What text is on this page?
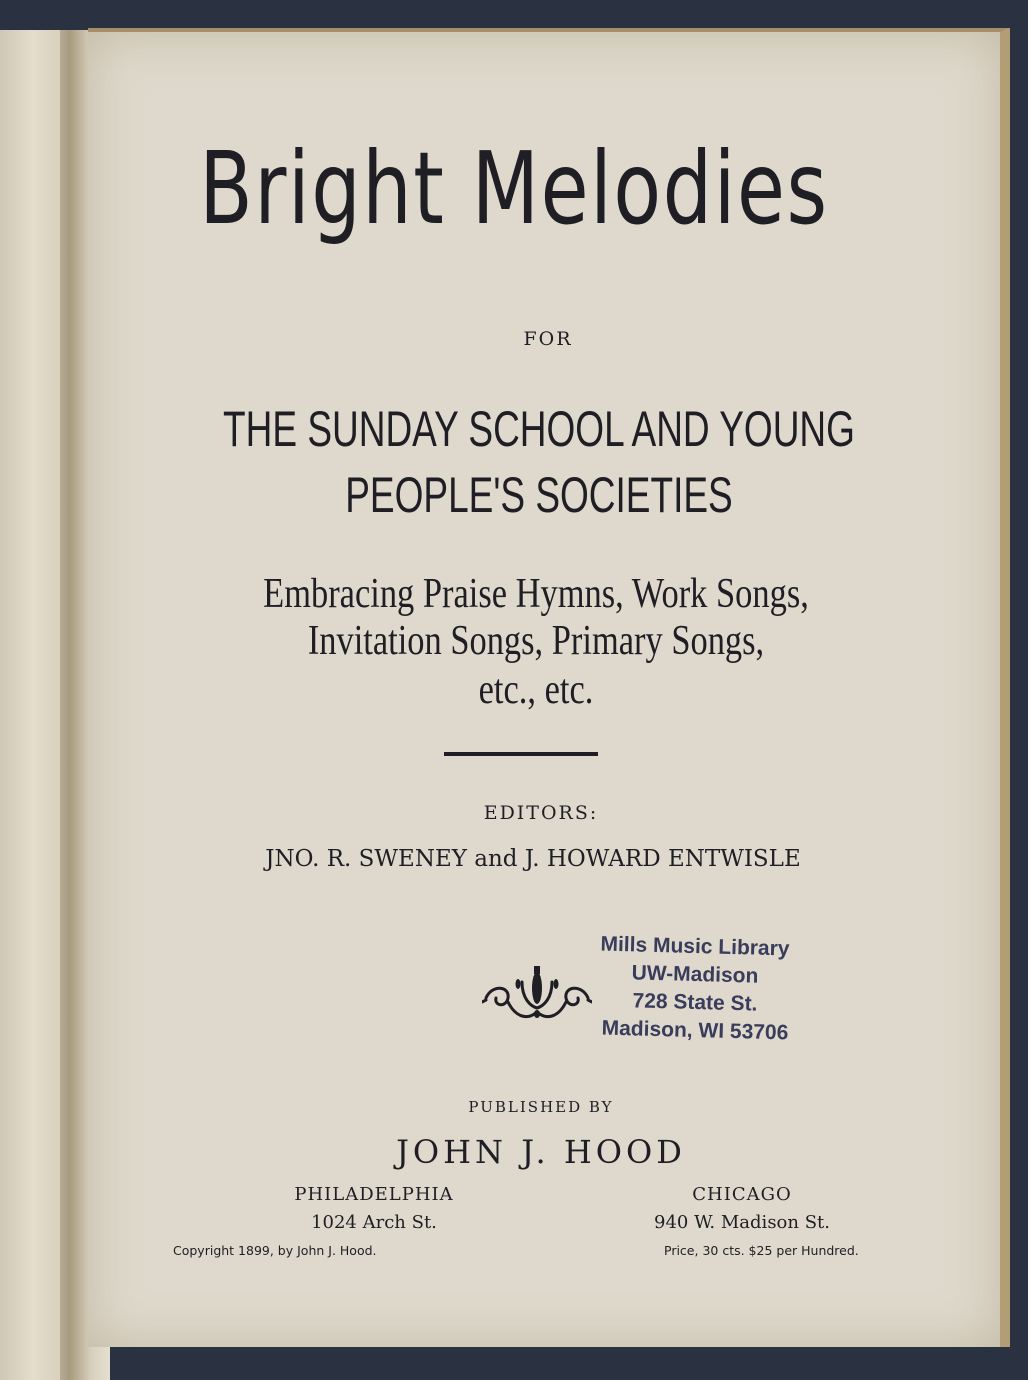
Bright Melodies
FOR
THE SUNDAY SCHOOL AND YOUNG
PEOPLE'S SOCIETIES
Embracing Praise Hymns, Work Songs,
Invitation Songs, Primary Songs,
etc., etc.
EDITORS:
JNO. R. SWENEY and J. HOWARD ENTWISLE
Mills Music Library
UW-Madison
728 State St.
Madison, WI 53706
PUBLISHED BY
JOHN J. HOOD
PHILADELPHIA
1024 Arch St.
CHICAGO
940 W. Madison St.
Copyright 1899, by John J. Hood.	Price, 30 cts. $25 per Hundred.
